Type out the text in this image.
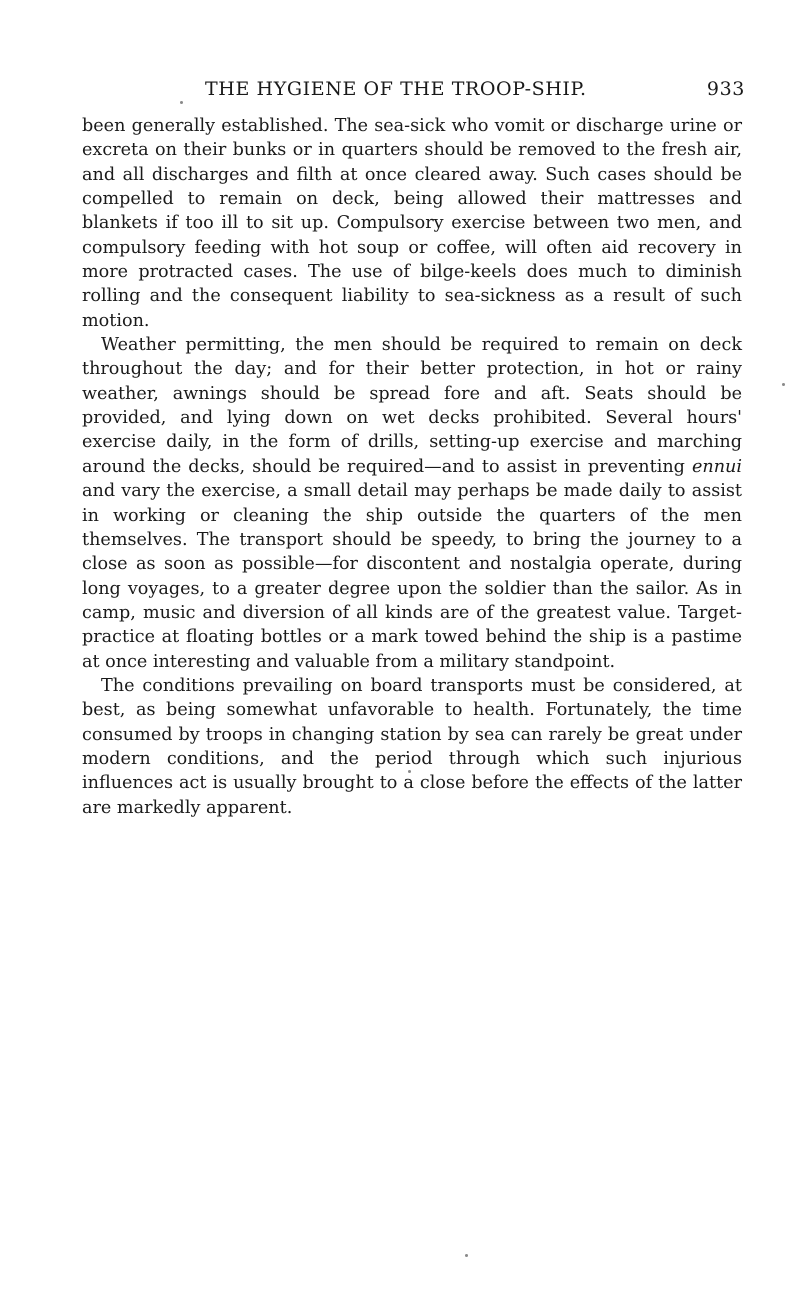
THE HYGIENE OF THE TROOP-SHIP.	933

been generally established. The sea-sick who vomit or discharge urine or excreta on their bunks or in quarters should be removed to the fresh air, and all discharges and filth at once cleared away. Such cases should be compelled to remain on deck, being allowed their mattresses and blankets if too ill to sit up. Compulsory exercise between two men, and compulsory feeding with hot soup or coffee, will often aid recovery in more protracted cases. The use of bilge-keels does much to diminish rolling and the consequent liability to sea-sickness as a result of such motion.

Weather permitting, the men should be required to remain on deck throughout the day; and for their better protection, in hot or rainy weather, awnings should be spread fore and aft. Seats should be provided, and lying down on wet decks prohibited. Several hours' exercise daily, in the form of drills, setting-up exercise and marching around the decks, should be required—and to assist in preventing ennui and vary the exercise, a small detail may perhaps be made daily to assist in working or cleaning the ship outside the quarters of the men themselves. The transport should be speedy, to bring the journey to a close as soon as possible—for discontent and nostalgia operate, during long voyages, to a greater degree upon the soldier than the sailor. As in camp, music and diversion of all kinds are of the greatest value. Target-practice at floating bottles or a mark towed behind the ship is a pastime at once interesting and valuable from a military standpoint.

The conditions prevailing on board transports must be considered, at best, as being somewhat unfavorable to health. Fortunately, the time consumed by troops in changing station by sea can rarely be great under modern conditions, and the period through which such injurious influences act is usually brought to a close before the effects of the latter are markedly apparent.
